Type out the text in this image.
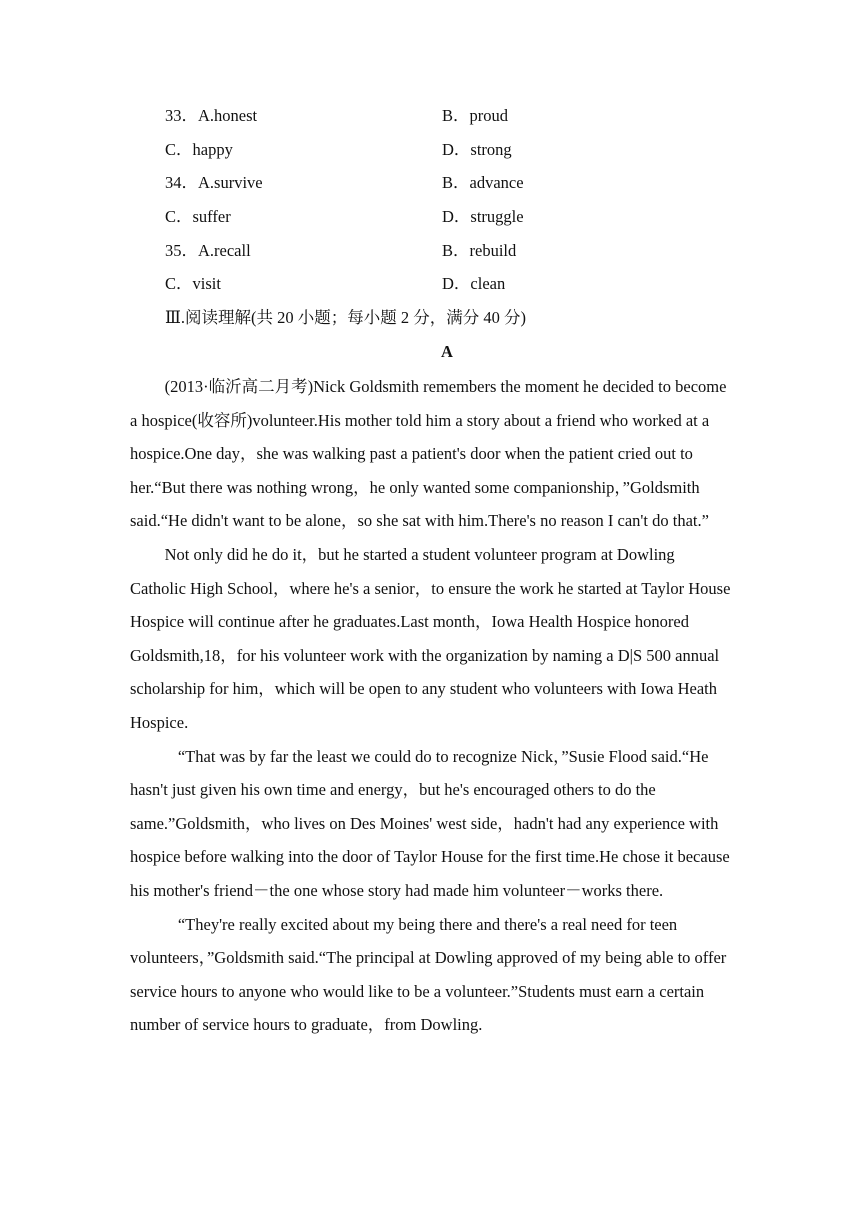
33．A.honest	B．proud
C．happy	D．strong
34．A.survive	B．advance
C．suffer	D．struggle
35．A.recall	B．rebuild
C．visit	D．clean
Ⅲ.阅读理解(共 20 小题；每小题 2 分，满分 40 分)
A

(2013·临沂高二月考)Nick Goldsmith remembers the moment he decided to become a hospice(收容所)volunteer.His mother told him a story about a friend who worked at a hospice.One day，she was walking past a patient's door when the patient cried out to her.“But there was nothing wrong，he only wanted some companionship，”Goldsmith said.“He didn't want to be alone，so she sat with him.There's no reason I can't do that.”

Not only did he do it，but he started a student volunteer program at Dowling Catholic High School，where he's a senior，to ensure the work he started at Taylor House Hospice will continue after he graduates.Last month，Iowa Health Hospice honored Goldsmith,18，for his volunteer work with the organization by naming a D|S 500 annual scholarship for him，which will be open to any student who volunteers with Iowa Heath Hospice.

“That was by far the least we could do to recognize Nick，”Susie Flood said.“He hasn't just given his own time and energy，but he's encouraged others to do the same.”Goldsmith，who lives on Des Moines' west side，hadn't had any experience with hospice before walking into the door of Taylor House for the first time.He chose it because his mother's friend－the one whose story had made him volunteer－works there.

“They're really excited about my being there and there's a real need for teen volunteers，”Goldsmith said.“The principal at Dowling approved of my being able to offer service hours to anyone who would like to be a volunteer.”Students must earn a certain number of service hours to graduate，from Dowling.
